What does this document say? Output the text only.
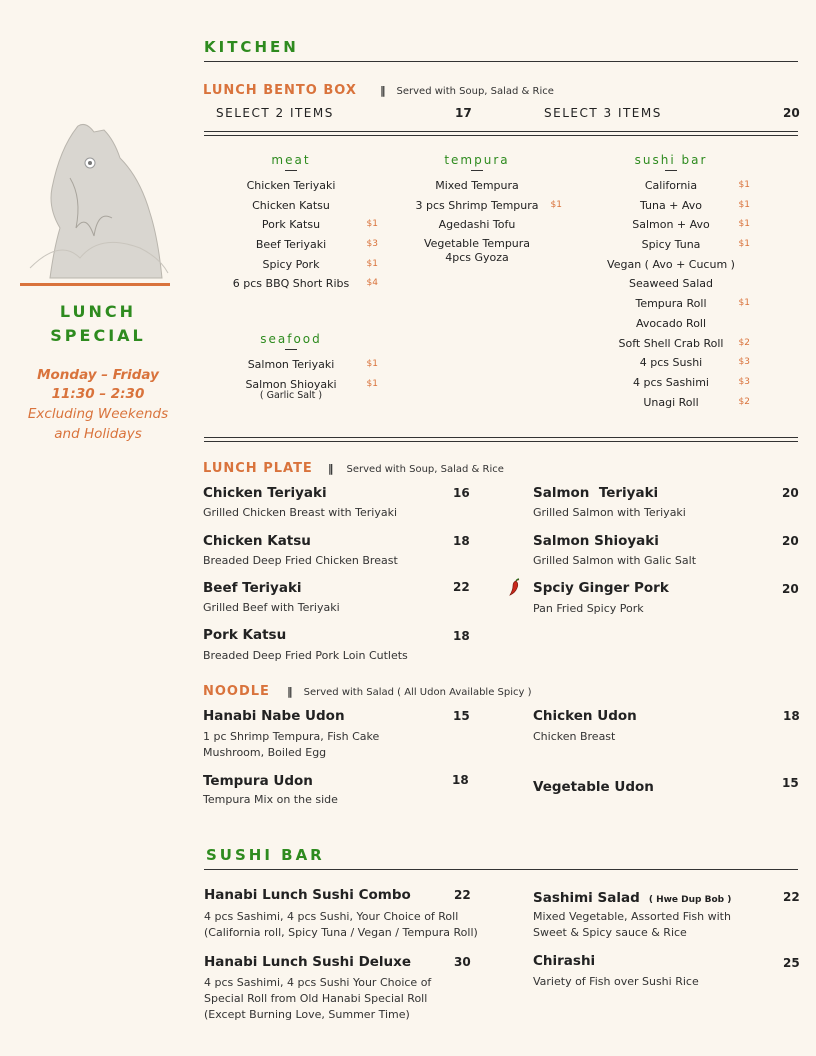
LUNCH
SPECIAL
Monday – Friday
11:30 – 2:30
Excluding Weekends
and Holidays
KITCHEN
LUNCH BENTO BOX ‖ Served with Soup, Salad & Rice
SELECT 2 ITEMS	17	SELECT 3 ITEMS	20
meat
Chicken Teriyaki
Chicken Katsu
Pork Katsu	$1
Beef Teriyaki	$3
Spicy Pork	$1
6 pcs BBQ Short Ribs $4
seafood
Salmon Teriyaki	$1
Salmon Shioyaki	$1
( Garlic Salt )
tempura
Mixed Tempura
3 pcs Shrimp Tempura $1
Agedashi Tofu
Vegetable Tempura
4pcs Gyoza
sushi bar
California	$1
Tuna + Avo	$1
Salmon + Avo	$1
Spicy Tuna	$1
Vegan ( Avo + Cucum )
Seaweed Salad
Tempura Roll	$1
Avocado Roll
Soft Shell Crab Roll $2
4 pcs Sushi	$3
4 pcs Sashimi	$3
Unagi Roll	$2
LUNCH PLATE ‖ Served with Soup, Salad & Rice
Chicken Teriyaki	16
Grilled Chicken Breast with Teriyaki
Chicken Katsu	18
Breaded Deep Fried Chicken Breast
Beef Teriyaki	22
Grilled Beef with Teriyaki
Pork Katsu	18
Breaded Deep Fried Pork Loin Cutlets
Salmon  Teriyaki	20
Grilled Salmon with Teriyaki
Salmon Shioyaki	20
Grilled Salmon with Galic Salt
Spciy Ginger Pork	20
Pan Fried Spicy Pork
NOODLE ‖ Served with Salad ( All Udon Available Spicy )
Hanabi Nabe Udon	15
1 pc Shrimp Tempura, Fish Cake
Mushroom, Boiled Egg
Tempura Udon	18
Tempura Mix on the side
Chicken Udon	18
Chicken Breast
Vegetable Udon	15
SUSHI BAR
Hanabi Lunch Sushi Combo	22
4 pcs Sashimi, 4 pcs Sushi, Your Choice of Roll
(California roll, Spicy Tuna / Vegan / Tempura Roll)
Hanabi Lunch Sushi Deluxe	30
4 pcs Sashimi, 4 pcs Sushi Your Choice of
Special Roll from Old Hanabi Special Roll
(Except Burning Love, Summer Time)
Sashimi Salad ( Hwe Dup Bob )	22
Mixed Vegetable, Assorted Fish with
Sweet & Spicy sauce & Rice
Chirashi	25
Variety of Fish over Sushi Rice
